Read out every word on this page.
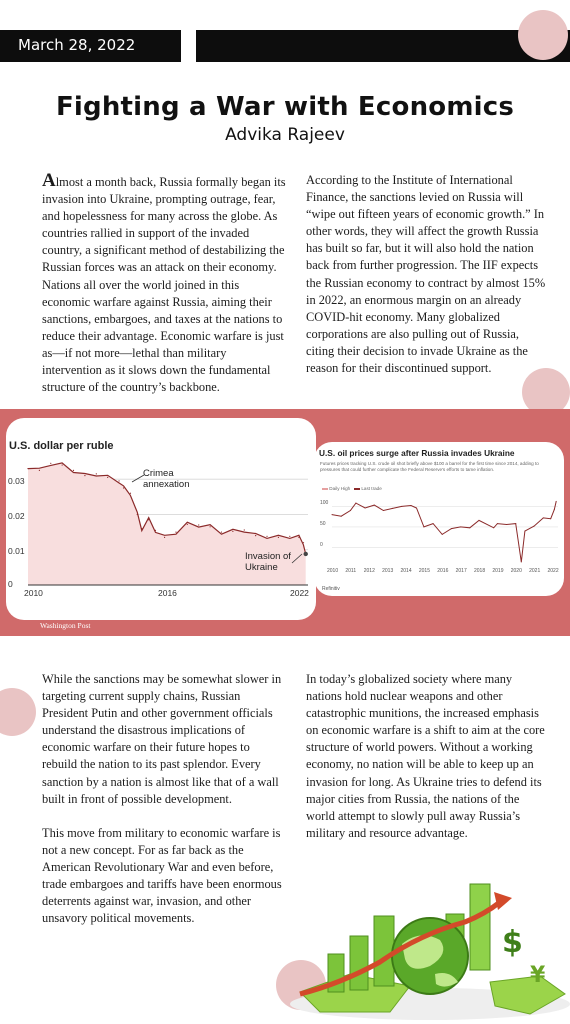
March 28, 2022
Fighting a War with Economics
Advika Rajeev

Almost a month back, Russia formally began its invasion into Ukraine, prompting outrage, fear, and hopelessness for many across the globe. As countries rallied in support of the invaded country, a significant method of destabilizing the Russian forces was an attack on their economy. Nations all over the world joined in this economic warfare against Russia, aiming their sanctions, embargoes, and taxes at the nations to reduce their advantage. Economic warfare is just as—if not more—lethal than military intervention as it slows down the fundamental structure of the country’s backbone.

According to the Institute of International Finance, the sanctions levied on Russia will “wipe out fifteen years of economic growth.” In other words, they will affect the growth Russia has built so far, but it will also hold the nation back from further progression. The IIF expects the Russian economy to contract by almost 15% in 2022, an enormous margin on an already COVID-hit economy. Many globalized corporations are also pulling out of Russia, citing their decision to invade Ukraine as the reason for their discontinued support.

U.S. dollar per ruble
0.03
0.02
0.01
0
2010	2016	2022
Crimea annexation
Invasion of Ukraine
U.S. oil prices surge after Russia invades Ukraine
Futures prices tracking U.S. crude oil shot briefly above $100 a barrel for the first time since 2014, adding to pressures that could further complicate the Federal Reserve's efforts to tame inflation.
Daily High Last trade
100
50
0
2010 2011 2012 2013 2014 2015 2016 2017 2018 2019 2020 2021 2022
Refinitiv
Washington Post

While the sanctions may be somewhat slower in targeting current supply chains, Russian President Putin and other government officials understand the disastrous implications of economic warfare on their future hopes to rebuild the nation to its past splendor. Every sanction by a nation is almost like that of a wall built in front of possible development.

This move from military to economic warfare is not a new concept. For as far back as the American Revolutionary War and even before, trade embargoes and tariffs have been enormous deterrents against war, invasion, and other unsavory political movements.

In today’s globalized society where many nations hold nuclear weapons and other catastrophic munitions, the increased emphasis on economic warfare is a shift to aim at the core structure of world powers. Without a working economy, no nation will be able to keep up an invasion for long. As Ukraine tries to defend its major cities from Russia, the nations of the world attempt to slowly pull away Russia’s military and resource advantage.

$
¥
